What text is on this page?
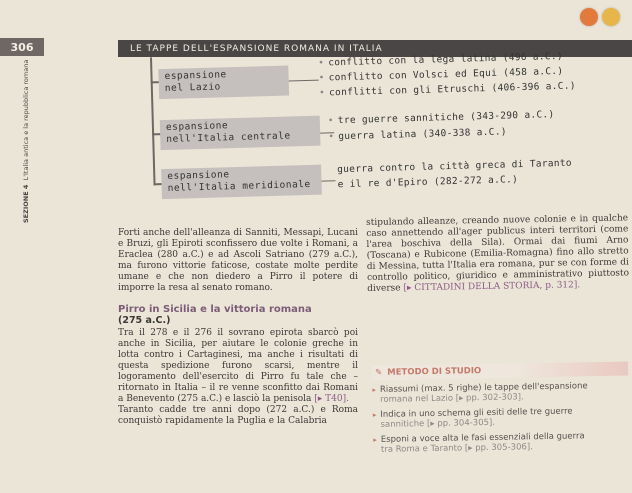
306
SEZIONE 4  L'Italia antica e la repubblica romana
LE TAPPE DELL'ESPANSIONE ROMANA IN ITALIA
espansione
nel Lazio
• conflitto con la lega latina (496 a.C.)
• conflitto con Volsci ed Equi (458 a.C.)
• conflitti con gli Etruschi (406-396 a.C.)
espansione
nell'Italia centrale
• tre guerre sannitiche (343-290 a.C.)
• guerra latina (340-338 a.C.)
espansione
nell'Italia meridionale
guerra contro la città greca di Taranto
e il re d'Epiro (282-272 a.C.)

Forti anche dell'alleanza di Sanniti, Messapi, Lucani e Bruzi, gli Epiroti sconfissero due volte i Romani, a Eraclea (280 a.C.) e ad Ascoli Satriano (279 a.C.), ma furono vittorie faticose, costate molte perdite umane e che non diedero a Pirro il potere di imporre la resa al senato romano.

Pirro in Sicilia e la vittoria romana
(275 a.C.)

Tra il 278 e il 276 il sovrano epirota sbarcò poi anche in Sicilia, per aiutare le colonie greche in lotta contro i Cartaginesi, ma anche i risultati di questa spedizione furono scarsi, mentre il logoramento dell'esercito di Pirro fu tale che – ritornato in Italia – il re venne sconfitto dai Romani a Benevento (275 a.C.) e lasciò la penisola [▸ T40].

Taranto cadde tre anni dopo (272 a.C.) e Roma conquistò rapidamente la Puglia e la Calabria

stipulando alleanze, creando nuove colonie e in qualche caso annettendo all'ager publicus interi territori (come l'area boschiva della Sila). Ormai dai fiumi Arno (Toscana) e Rubicone (Emilia-Romagna) fino allo stretto di Messina, tutta l'Italia era romana, pur se con forme di controllo politico, giuridico e amministrativo piuttosto diverse [▸ CITTADINI DELLA STORIA, p. 312].

✎ METODO DI STUDIO
▸ Riassumi (max. 5 righe) le tappe dell'espansione
romana nel Lazio [▸ pp. 302-303].
▸ Indica in uno schema gli esiti delle tre guerre
sannitiche [▸ pp. 304-305].
▸ Esponi a voce alta le fasi essenziali della guerra
tra Roma e Taranto [▸ pp. 305-306].
